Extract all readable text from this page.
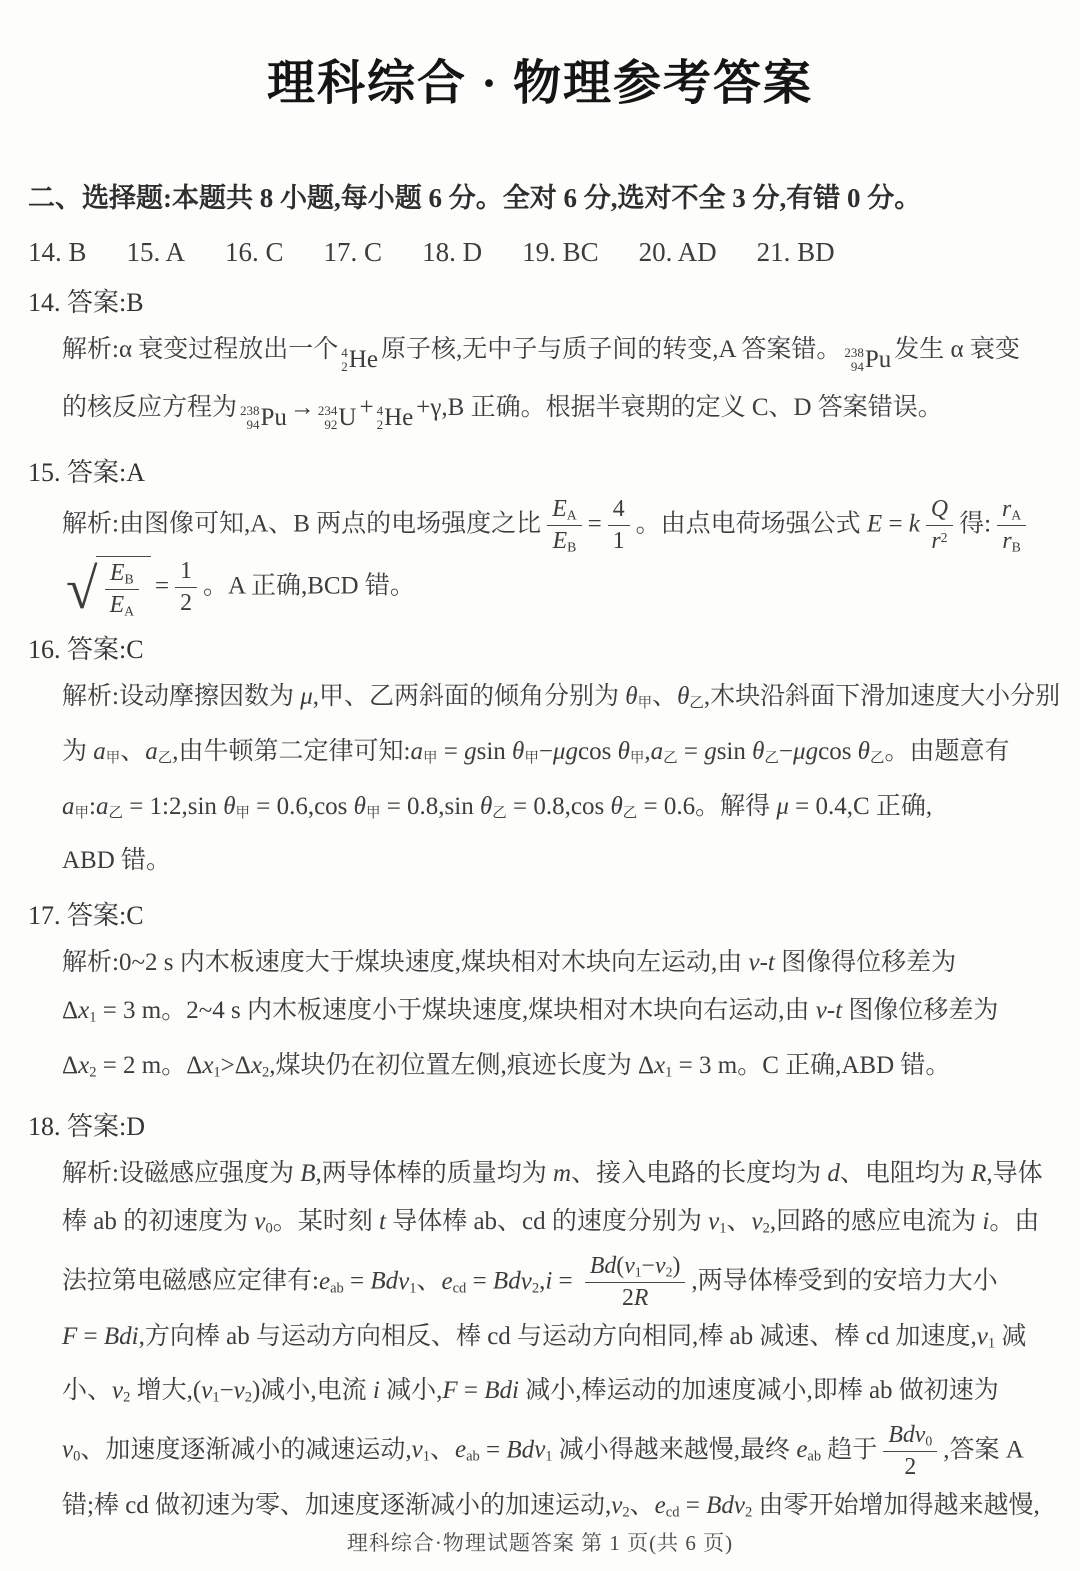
理科综合 · 物理参考答案
二、选择题:本题共 8 小题,每小题 6 分。全对 6 分,选对不全 3 分,有错 0 分。
14. B 15. A 16. C 17. C 18. D 19. BC 20. AD 21. BD
14. 答案:B
解析:α 衰变过程放出一个 4
2 He 原子核,无中子与质子间的转变,A 答案错。 238
94 Pu 发生 α 衰变
的核反应方程为 238
94 Pu → 234
92 U + 4
2 He +γ,B 正确。根据半衰期的定义 C、D 答案错误。
15. 答案:A
解析:由图像可知,A、B 两点的电场强度之比 $\frac{E_A}{E_B} = \frac{4}{1}$ 。由点电荷场强公式 E = k $\frac{Q}{r^2}$ 得: $\frac{r_A}{r_B}$
√ $\frac{E_B}{E_A} = \frac{1}{2}$ 。A 正确,BCD 错。
16. 答案:C
解析:设动摩擦因数为 μ,甲、乙两斜面的倾角分别为 $\theta_甲$、$\theta_乙$,木块沿斜面下滑加速度大小分别
为 $a_甲$、$a_乙$,由牛顿第二定律可知$:a_甲 = gsin$ $\theta_甲-\mu gcos$ $\theta_甲,a_乙 = gsin$ $\theta_乙-\mu gcos$ $\theta_乙$。由题意有
$a_甲:a_乙$ = 1:2,sin $\theta_甲 = 0.6,\cos$ $\theta_甲 = 0.8,\sin$ $\theta_乙 = 0.8,\cos$ $\theta_乙 = 0.6$。解得 μ = 0.4,C 正确,
ABD 错。
17. 答案:C
解析:0~2 s 内木板速度大于煤块速度,煤块相对木块向左运动,由 v-t 图像得位移差为
$\Delta x_1 = 3$ m。2~4 s 内木板速度小于煤块速度,煤块相对木块向右运动,由 v-t 图像位移差为
$\Delta x_2 = 2$ m。$\Delta x_1>\Delta x_2$,煤块仍在初位置左侧,痕迹长度为 $\Delta x_1 = 3$ m。C 正确,ABD 错。
18. 答案:D
解析:设磁感应强度为 B,两导体棒的质量均为 m、接入电路的长度均为 d、电阻均为 R,导体
棒 ab 的初速度为 $v_0$。某时刻 t 导体棒 ab、cd 的速度分别为 $v_1$、$v_2$,回路的感应电流为 i。由
法拉第电磁感应定律有$:e_{ab} = Bdv_1$、$e_{cd} = Bdv_2,i = \frac{Bd(v_1-v_2)}{2R}$ ,两导体棒受到的安培力大小
F = Bdi,方向棒 ab 与运动方向相反、棒 cd 与运动方向相同,棒 ab 减速、棒 cd 加速度$,v_1$ 减
小、$v_2$ 增大$,(v_1-v_2)$减小,电流 i 减小,F = Bdi 减小,棒运动的加速度减小,即棒 ab 做初速为
$v_0$、加速度逐渐减小的减速运动$,v_1$、$e_{ab} = Bdv_1$ 减小得越来越慢,最终 $e_{ab}$ 趋于 $\frac{Bdv_0}{2}$ ,答案 A
错;棒 cd 做初速为零、加速度逐渐减小的加速运动$,v_2$、$e_{cd} = Bdv_2$ 由零开始增加得越来越慢,
理科综合·物理试题答案 第 1 页(共 6 页)
